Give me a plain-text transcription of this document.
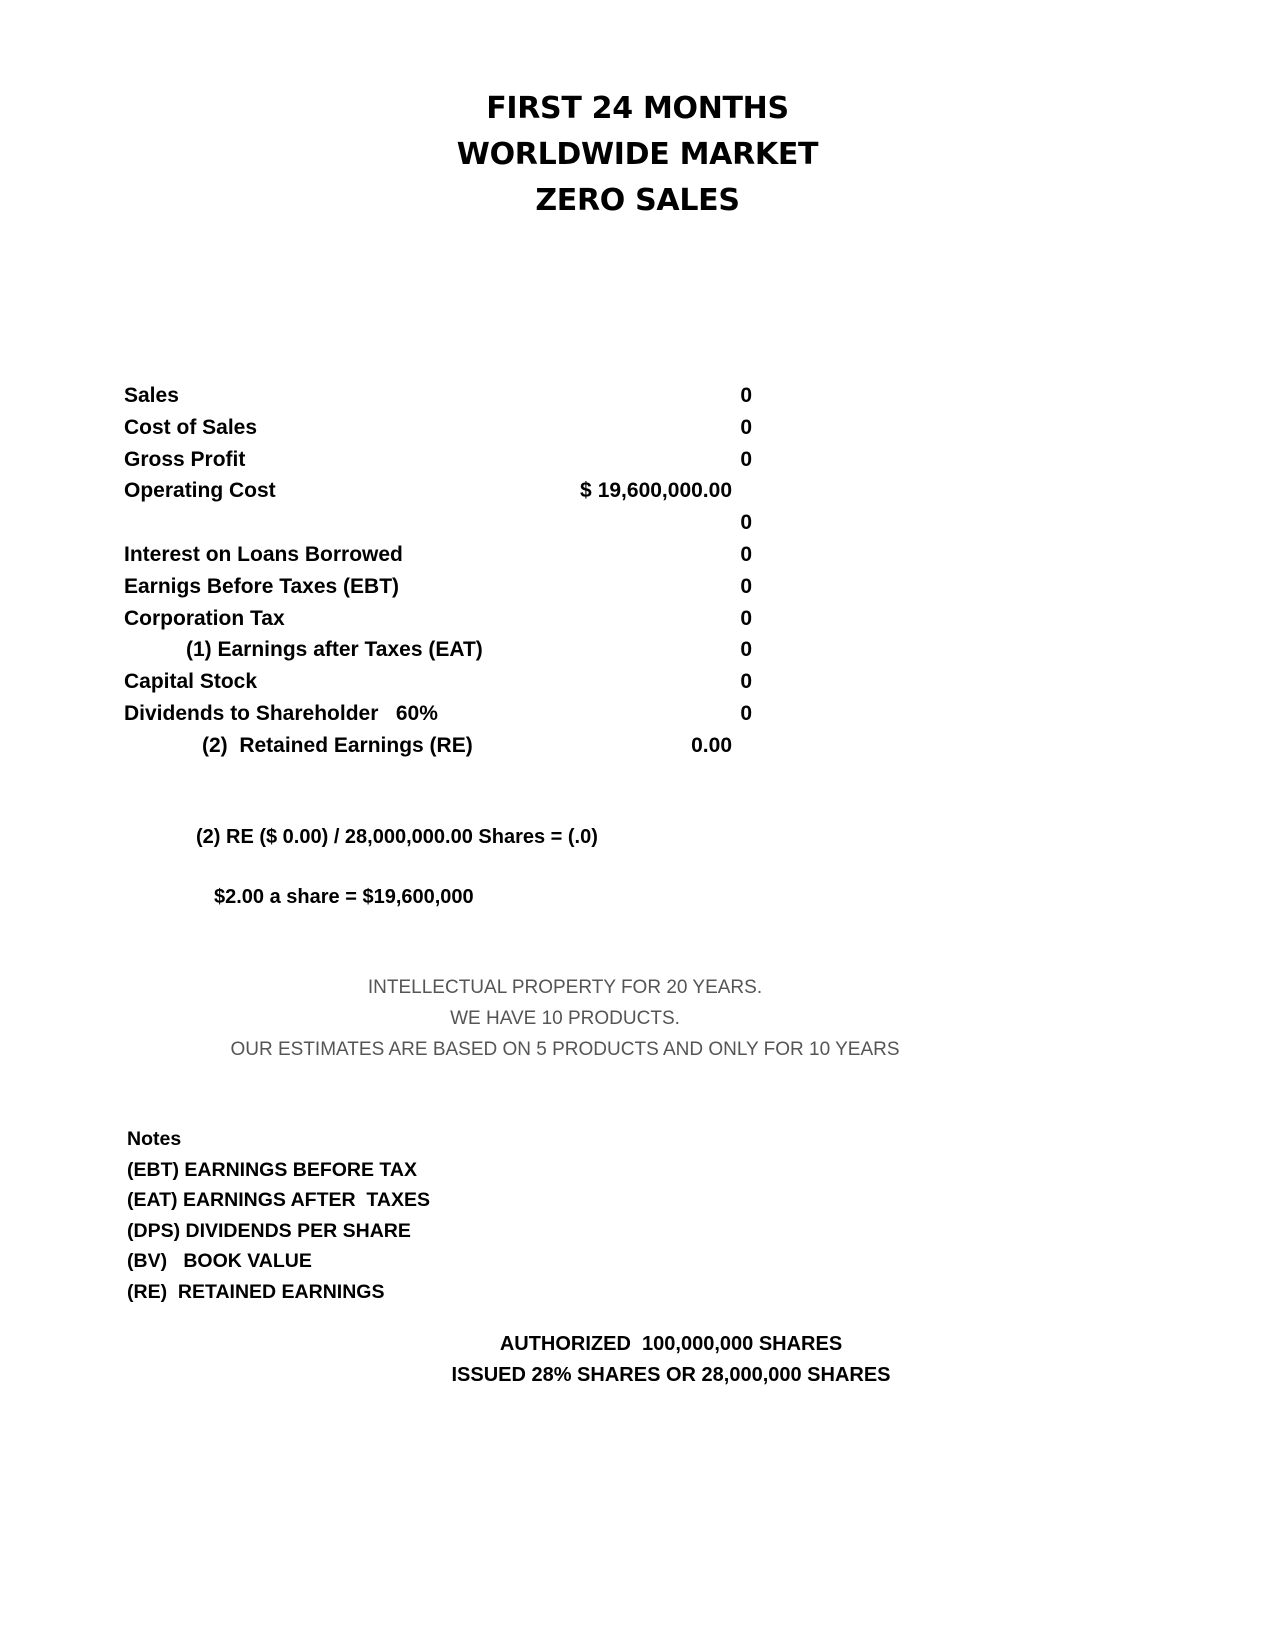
FIRST 24 MONTHS
WORLDWIDE MARKET
ZERO SALES
Sales	0
Cost of Sales	0
Gross Profit	0
Operating Cost	$ 19,600,000.00
0
Interest on Loans Borrowed	0
Earnigs Before Taxes (EBT)	0
Corporation Tax	0
(1) Earnings after Taxes (EAT)	0
Capital Stock	0
Dividends to Shareholder   60%	0
(2)  Retained Earnings (RE)	0.00
(2) RE ($ 0.00) / 28,000,000.00 Shares = (.0)
$2.00 a share = $19,600,000
INTELLECTUAL PROPERTY FOR 20 YEARS.
WE HAVE 10 PRODUCTS.
OUR ESTIMATES ARE BASED ON 5 PRODUCTS AND ONLY FOR 10 YEARS
Notes
(EBT) EARNINGS BEFORE TAX
(EAT) EARNINGS AFTER  TAXES
(DPS) DIVIDENDS PER SHARE
(BV)   BOOK VALUE
(RE)  RETAINED EARNINGS
AUTHORIZED  100,000,000 SHARES
ISSUED 28% SHARES OR 28,000,000 SHARES
